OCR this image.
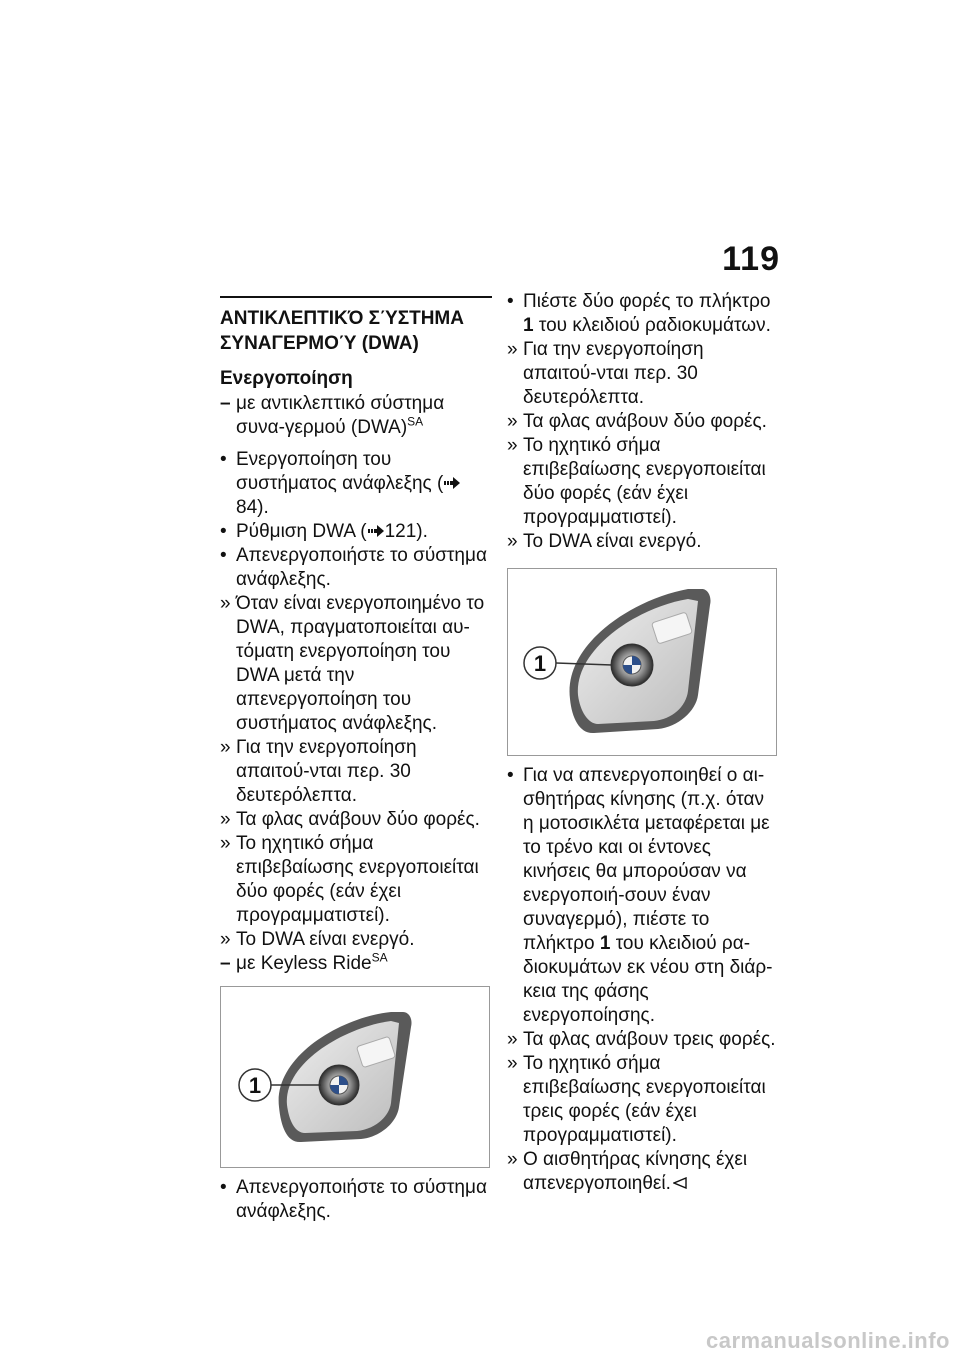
119
ΑΝΤΙΚΛΕΠΤΙΚΌ ΣΎΣΤΗΜΑ
ΣΥΝΑΓΕΡΜΟΎ (DWA)
Ενεργοποίηση
– με αντικλεπτικό σύστημα συνα-γερμού (DWA)$^{SA}$
• Ενεργοποίηση του συστήματος ανάφλεξης (84).
• Ρύθμιση DWA ( 121).
• Απενεργοποιήστε το σύστημα ανάφλεξης.
» Όταν είναι ενεργοποιημένο το DWA, πραγματοποιείται αυ-τόματη ενεργοποίηση του DWA μετά την απενεργοποίηση του συστήματος ανάφλεξης.
» Για την ενεργοποίηση απαιτού-νται περ. 30 δευτερόλεπτα.
» Τα φλας ανάβουν δύο φορές.
» Το ηχητικό σήμα επιβεβαίωσης ενεργοποιείται δύο φορές (εάν έχει προγραμματιστεί).
» Το DWA είναι ενεργό.
– με Keyless Ride$^{SA}$
1
• Απενεργοποιήστε το σύστημα ανάφλεξης.
• Πιέστε δύο φορές το πλήκτρο 1 του κλειδιού ραδιοκυμάτων.
» Για την ενεργοποίηση απαιτού-νται περ. 30 δευτερόλεπτα.
» Τα φλας ανάβουν δύο φορές.
» Το ηχητικό σήμα επιβεβαίωσης ενεργοποιείται δύο φορές (εάν έχει προγραμματιστεί).
» Το DWA είναι ενεργό.
1
• Για να απενεργοποιηθεί ο αι-σθητήρας κίνησης (π.χ. όταν η μοτοσικλέτα μεταφέρεται με το τρένο και οι έντονες κινήσεις θα μπορούσαν να ενεργοποιή-σουν έναν συναγερμό), πιέστε το πλήκτρο 1 του κλειδιού ρα-διοκυμάτων εκ νέου στη διάρ-κεια της φάσης ενεργοποίησης.
» Τα φλας ανάβουν τρεις φορές.
» Το ηχητικό σήμα επιβεβαίωσης ενεργοποιείται τρεις φορές (εάν έχει προγραμματιστεί).
» Ο αισθητήρας κίνησης έχει απενεργοποιηθεί.
carmanualsonline.info
